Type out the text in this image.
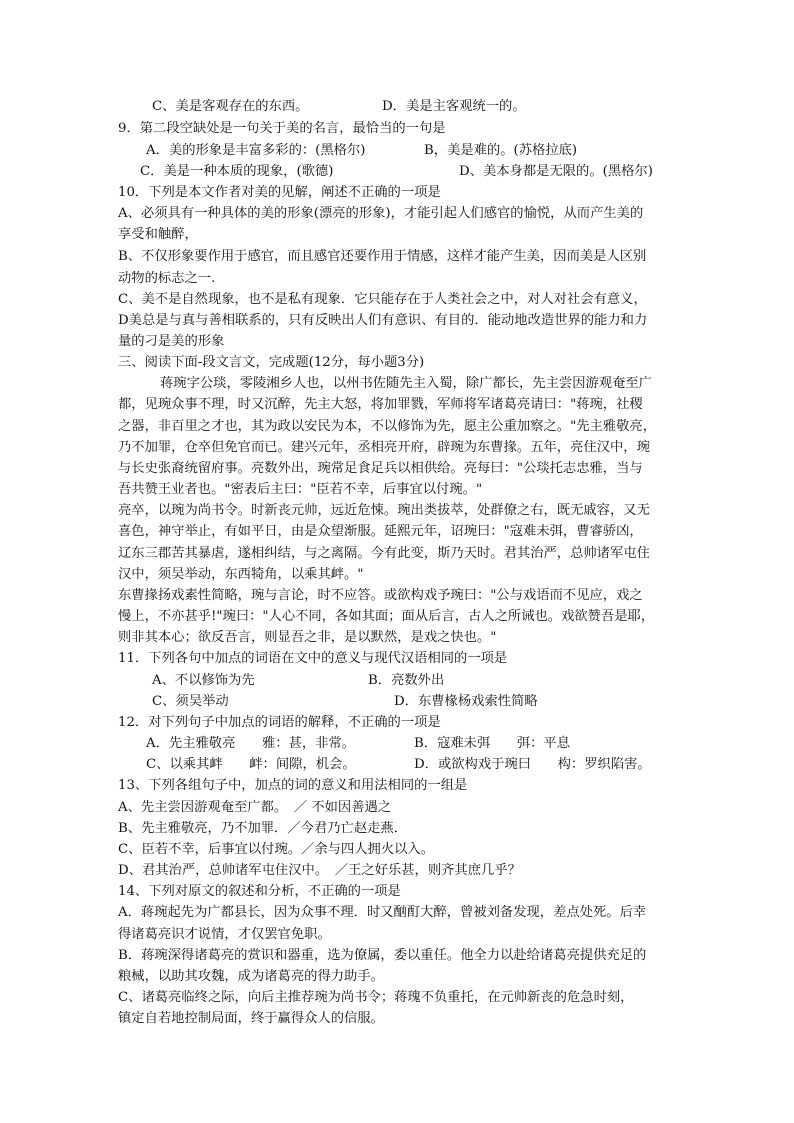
C、美是客观存在的东西。	D．美是主客观统一的。
9．第二段空缺处是一句关于美的名言，最恰当的一句是
A．美的形象是丰富多彩的：(黑格尔)	B，美是难的。(苏格拉底)
C．美是一种本质的现象，(歌德)	D、美本身都是无限的。(黑格尔)
10．下列是本文作者对美的见解，阐述不正确的一项是
A、必须具有一种具体的美的形象(漂亮的形象)，才能引起人们感官的愉悦，从而产生美的
享受和触醉，
B、不仅形象要作用于感官，而且感官还要作用于情感，这样才能产生美，因而美是人区别
动物的标志之一.
C、美不是自然现象，也不是私有现象．它只能存在于人类社会之中，对人对社会有意义，
D美总是与真与善相联系的，只有反映出人们有意识、有目的．能动地改造世界的能力和力
量的刁是美的形象
三、阅读下面-段文言文，完成题(12分，每小题3分)
蒋琬字公琰，零陵湘乡人也，以州书佐随先主入蜀，除广都长，先主尝因游观奄至广
都，见琬众事不理，时又沉醉，先主大怒，将加罪戮，军师将军诸葛亮请曰："蒋琬，社稷
之器，非百里之才也，其为政以安民为本，不以修饰为先，愿主公重加察之。"先主雅敬亮，
乃不加罪，仓卒但免官而已。建兴元年，丞相亮开府，辟琬为东曹掾。五年，亮住汉中，琬
与长史张裔统留府事。亮数外出，琬常足食足兵以相供给。亮每曰："公琰托志忠雅，当与
吾共赞王业者也。"密表后主曰："臣若不幸，后事宜以付琬。"
亮卒，以琬为尚书令。时新丧元帅，远近危悚。琬出类拔萃，处群僚之右，既无戚容，又无
喜色，神守举止，有如平日，由是众望渐服。延熙元年，诏琬曰："寇难未弭，曹睿骄凶，
辽东三郡苦其暴虐，遂相纠结，与之离隔。今有此变，斯乃天时。君其治严，总帅诸军屯住
汉中，须吴举动，东西犄角，以乘其衅。"
东曹掾扬戏素性简略，琬与言论，时不应答。或欲构戏予琬曰："公与戏语而不见应，戏之
慢上，不亦甚乎!"琬曰："人心不同，各如其面；面从后言，古人之所诫也。戏欲赞吾是耶，
则非其本心；欲反吾言，则显吾之非，是以默然，是戏之快也。"
11．下列各句中加点的词语在文中的意义与现代汉语相同的一项是
A、不以修饰为先	B．亮数外出
C、须吴举动	D．东曹椽杨戏索性简略
12．对下列句子中加点的词语的解释，不正确的一项是
A．先主雅敬亮　　雅：甚，非常。	B．寇难未弭　　弭：平息
C、以乘其衅　　衅：间隙，机会。	D．或欲构戏于琬曰　　构：罗织陷害。
13、下列各组句子中，加点的词的意义和用法相同的一组是
A、先主尝因游观奄至广都。　／ 不如因善遇之
B、先主雅敬亮，乃不加罪．／今君乃亡赵走燕．
C、臣若不幸，后事宜以付琬。／余与四人拥火以入。
D、君其治严，总帅诸军屯住汉中。　／王之好乐甚，则齐其庶几乎？
14、下列对原文的叙述和分析，不正确的一项是
A．蒋琬起先为广都县长，因为众事不理．时又酗酊大醉，曾被刘备发现，差点处死。后幸
得诸葛亮识才说情，才仅罢官免职。
B．蒋琬深得诸葛亮的赏识和器重，选为僚属，委以重任。他全力以赴给诸葛亮提供充足的
粮械，以助其攻魏，成为诸葛亮的得力助手。
C、诸葛亮临终之际，向后主推荐琬为尚书令；蒋瑰不负重托，在元帅新丧的危急时刻，
镇定自若地控制局面，终于赢得众人的信服。
